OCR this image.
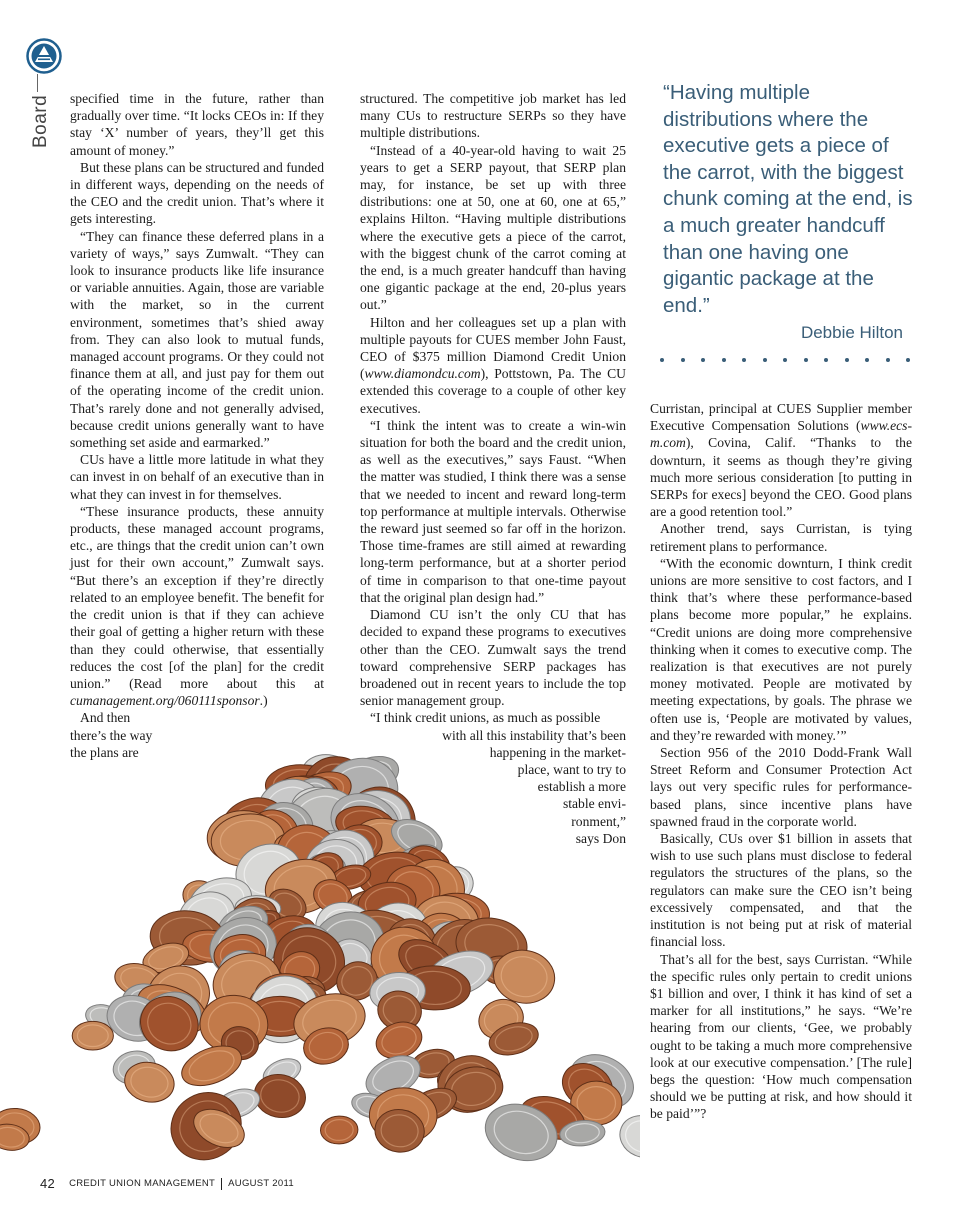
Board specified time in the future, rather than gradually over time. “It locks CEOs in: If they stay ‘X’ number of years, they’ll get this amount of money.”

But these plans can be structured and funded in different ways, depending on the needs of the CEO and the credit union. That’s where it gets interesting.

“They can finance these deferred plans in a variety of ways,” says Zumwalt. “They can look to insurance products like life insurance or variable annuities. Again, those are variable with the market, so in the current environment, sometimes that’s shied away from. They can also look to mutual funds, managed account programs. Or they could not finance them at all, and just pay for them out of the operating income of the credit union. That’s rarely done and not generally advised, because credit unions generally want to have something set aside and earmarked.”

CUs have a little more latitude in what they can invest in on behalf of an executive than in what they can invest in for themselves.

“These insurance products, these annuity products, these managed account programs, etc., are things that the credit union can’t own just for their own account,” Zumwalt says. “But there’s an exception if they’re directly related to an employee benefit. The benefit for the credit union is that if they can achieve their goal of getting a higher return with these than they could otherwise, that essentially reduces the cost [of the plan] for the credit union.” (Read more about this at cumanagement.org/060111sponsor.)

And then there’s the way the plans are

structured. The competitive job market has led many CUs to restructure SERPs so they have multiple distributions.

“Instead of a 40-year-old having to wait 25 years to get a SERP payout, that SERP plan may, for instance, be set up with three distributions: one at 50, one at 60, one at 65,” explains Hilton. “Having multiple distributions where the executive gets a piece of the carrot, with the biggest chunk of the carrot coming at the end, is a much greater handcuff than having one gigantic package at the end, 20-plus years out.”

Hilton and her colleagues set up a plan with multiple payouts for CUES member John Faust, CEO of $375 million Diamond Credit Union (www.diamondcu.com), Pottstown, Pa. The CU extended this coverage to a couple of other key executives.

“I think the intent was to create a win-win situation for both the board and the credit union, as well as the executives,” says Faust. “When the matter was studied, I think there was a sense that we needed to incent and reward long-term top performance at multiple intervals. Otherwise the reward just seemed so far off in the horizon. Those time-frames are still aimed at rewarding long-term performance, but at a shorter period of time in comparison to that one-time payout that the original plan design had.”

Diamond CU isn’t the only CU that has decided to expand these programs to executives other than the CEO. Zumwalt says the trend toward comprehensive SERP packages has broadened out in recent years to include the top senior management group.

“I think credit unions, as much as possible

with all this instability that’s been
happening in the market-
place, want to try to
establish a more
stable envi-
ronment,”
says Don
“Having multiple distributions where the executive gets a piece of the carrot, with the biggest chunk coming at the end, is a much greater handcuff than one having one gigantic package at the end.”
Debbie Hilton

Curristan, principal at CUES Supplier member Executive Compensation Solutions (www.ecs-m.com), Covina, Calif. “Thanks to the downturn, it seems as though they’re giving much more serious consideration [to putting in SERPs for execs] beyond the CEO. Good plans are a good retention tool.”

Another trend, says Curristan, is tying retirement plans to performance.

“With the economic downturn, I think credit unions are more sensitive to cost factors, and I think that’s where these performance-based plans become more popular,” he explains. “Credit unions are doing more comprehensive thinking when it comes to executive comp. The realization is that executives are not purely money motivated. People are motivated by meeting expectations, by goals. The phrase we often use is, ‘People are motivated by values, and they’re rewarded with money.’”

Section 956 of the 2010 Dodd-Frank Wall Street Reform and Consumer Protection Act lays out very specific rules for performance-based plans, since incentive plans have spawned fraud in the corporate world.

Basically, CUs over $1 billion in assets that wish to use such plans must disclose to federal regulators the structures of the plans, so the regulators can make sure the CEO isn’t being excessively compensated, and that the institution is not being put at risk of material financial loss.

That’s all for the best, says Curristan. “While the specific rules only pertain to credit unions $1 billion and over, I think it has kind of set a marker for all institutions,” he says. “We’re hearing from our clients, ‘Gee, we probably ought to be taking a much more comprehensive look at our executive compensation.’ [The rule] begs the question: ‘How much compensation should we be putting at risk, and how should it be paid’”?

42 CREDIT UNION MANAGEMENT AUGUST 2011
